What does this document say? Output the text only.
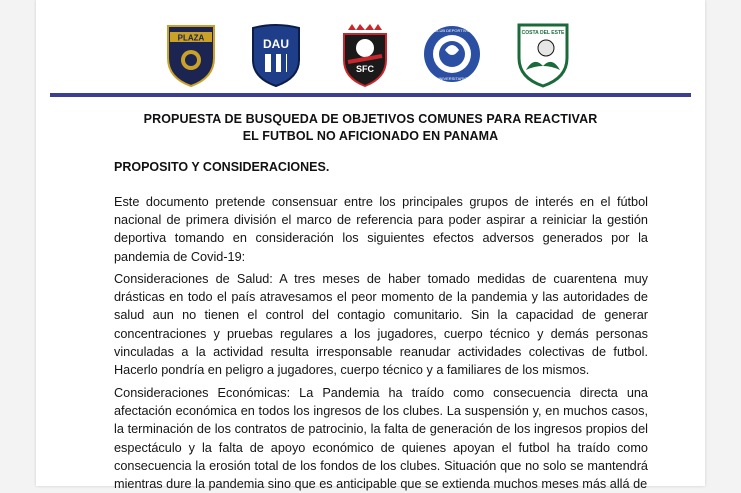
PLAZA	DAU
SFC
CLUB DEPORTIVO
UNIVERSITARIO
COSTA DEL ESTE
PROPUESTA DE BUSQUEDA DE OBJETIVOS COMUNES PARA REACTIVAR
EL FUTBOL NO AFICIONADO EN PANAMA
PROPOSITO Y CONSIDERACIONES.

Este documento pretende consensuar entre los principales grupos de interés en el fútbol nacional de primera división el marco de referencia para poder aspirar a reiniciar la gestión deportiva tomando en consideración los siguientes efectos adversos generados por la pandemia de Covid-19:

Consideraciones de Salud: A tres meses de haber tomado medidas de cuarentena muy drásticas en todo el país atravesamos el peor momento de la pandemia y las autoridades de salud aun no tienen el control del contagio comunitario. Sin la capacidad de generar concentraciones y pruebas regulares a los jugadores, cuerpo técnico y demás personas vinculadas a la actividad resulta irresponsable reanudar actividades colectivas de futbol. Hacerlo pondría en peligro a jugadores, cuerpo técnico y a familiares de los mismos.

Consideraciones Económicas: La Pandemia ha traído como consecuencia directa una afectación económica en todos los ingresos de los clubes. La suspensión y, en muchos casos, la terminación de los contratos de patrocinio, la falta de generación de los ingresos propios del espectáculo y la falta de apoyo económico de quienes apoyan el futbol ha traído como consecuencia la erosión total de los fondos de los clubes. Situación que no solo se mantendrá mientras dure la pandemia sino que es anticipable que se extienda muchos meses más allá de
